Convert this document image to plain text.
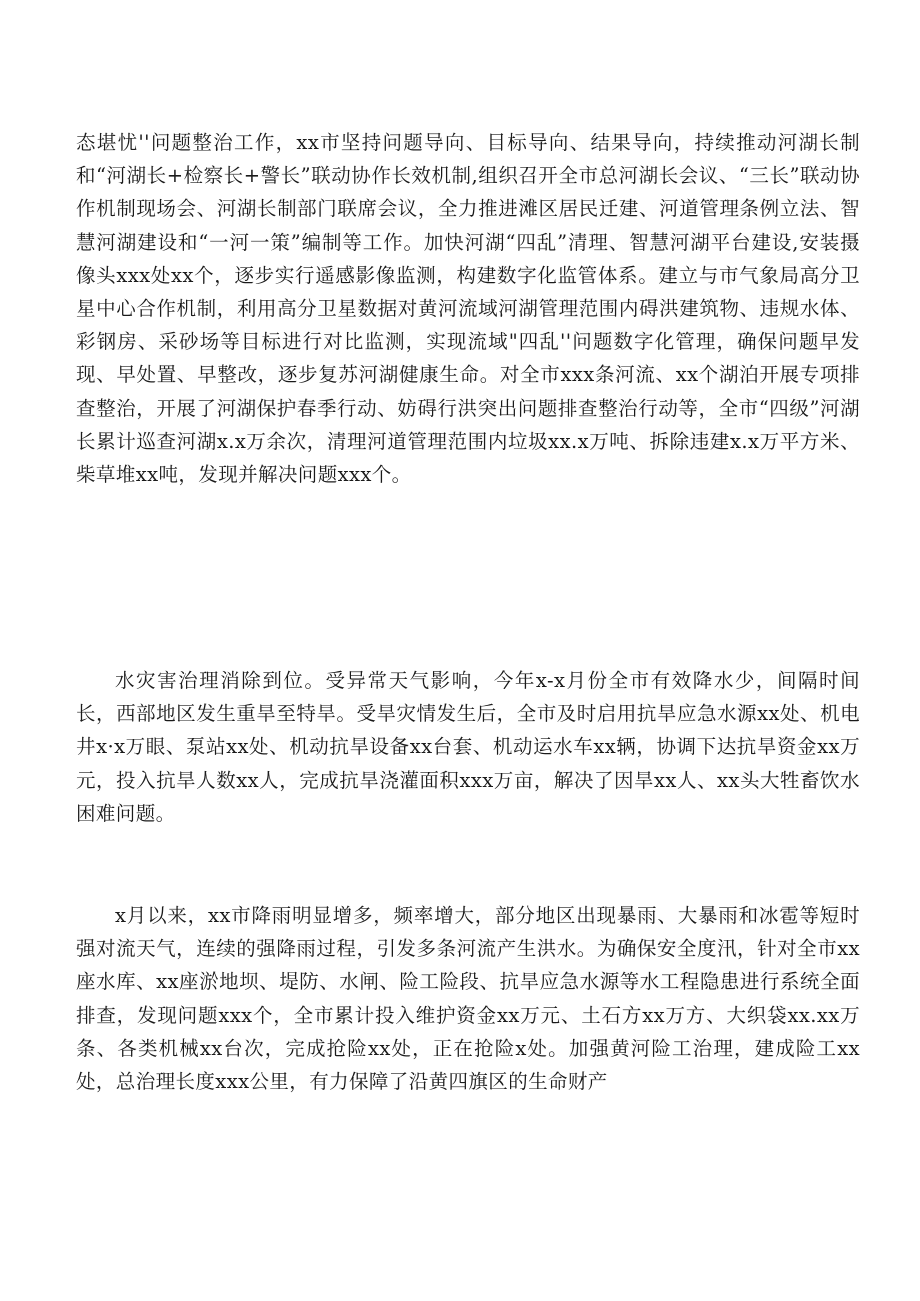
态堪忧''问题整治工作，xx市坚持问题导向、目标导向、结果导向，持续推动河湖长制和“河湖长+检察长+警长”联动协作长效机制,组织召开全市总河湖长会议、“三长”联动协作机制现场会、河湖长制部门联席会议，全力推进滩区居民迁建、河道管理条例立法、智慧河湖建设和“一河一策”编制等工作。加快河湖“四乱”清理、智慧河湖平台建设,安装摄像头xxx处xx个，逐步实行遥感影像监测，构建数字化监管体系。建立与市气象局高分卫星中心合作机制，利用高分卫星数据对黄河流域河湖管理范围内碍洪建筑物、违规水体、彩钢房、采砂场等目标进行对比监测，实现流域"四乱''问题数字化管理，确保问题早发现、早处置、早整改，逐步复苏河湖健康生命。对全市xxx条河流、xx个湖泊开展专项排查整治，开展了河湖保护春季行动、妨碍行洪突出问题排查整治行动等，全市“四级”河湖长累计巡查河湖x.x万余次，清理河道管理范围内垃圾xx.x万吨、拆除违建x.x万平方米、柴草堆xx吨，发现并解决问题xxx个。

水灾害治理消除到位。受异常天气影响，今年x-x月份全市有效降水少，间隔时间长，西部地区发生重旱至特旱。受旱灾情发生后，全市及时启用抗旱应急水源xx处、机电井x·x万眼、泵站xx处、机动抗旱设备xx台套、机动运水车xx辆，协调下达抗旱资金xx万元，投入抗旱人数xx人，完成抗旱浇灌面积xxx万亩，解决了因旱xx人、xx头大牲畜饮水困难问题。

x月以来，xx市降雨明显增多，频率增大，部分地区出现暴雨、大暴雨和冰雹等短时强对流天气，连续的强降雨过程，引发多条河流产生洪水。为确保安全度汛，针对全市xx座水库、xx座淤地坝、堤防、水闸、险工险段、抗旱应急水源等水工程隐患进行系统全面排查，发现问题xxx个，全市累计投入维护资金xx万元、土石方xx万方、大织袋xx.xx万条、各类机械xx台次，完成抢险xx处，正在抢险x处。加强黄河险工治理，建成险工xx处，总治理长度xxx公里，有力保障了沿黄四旗区的生命财产
